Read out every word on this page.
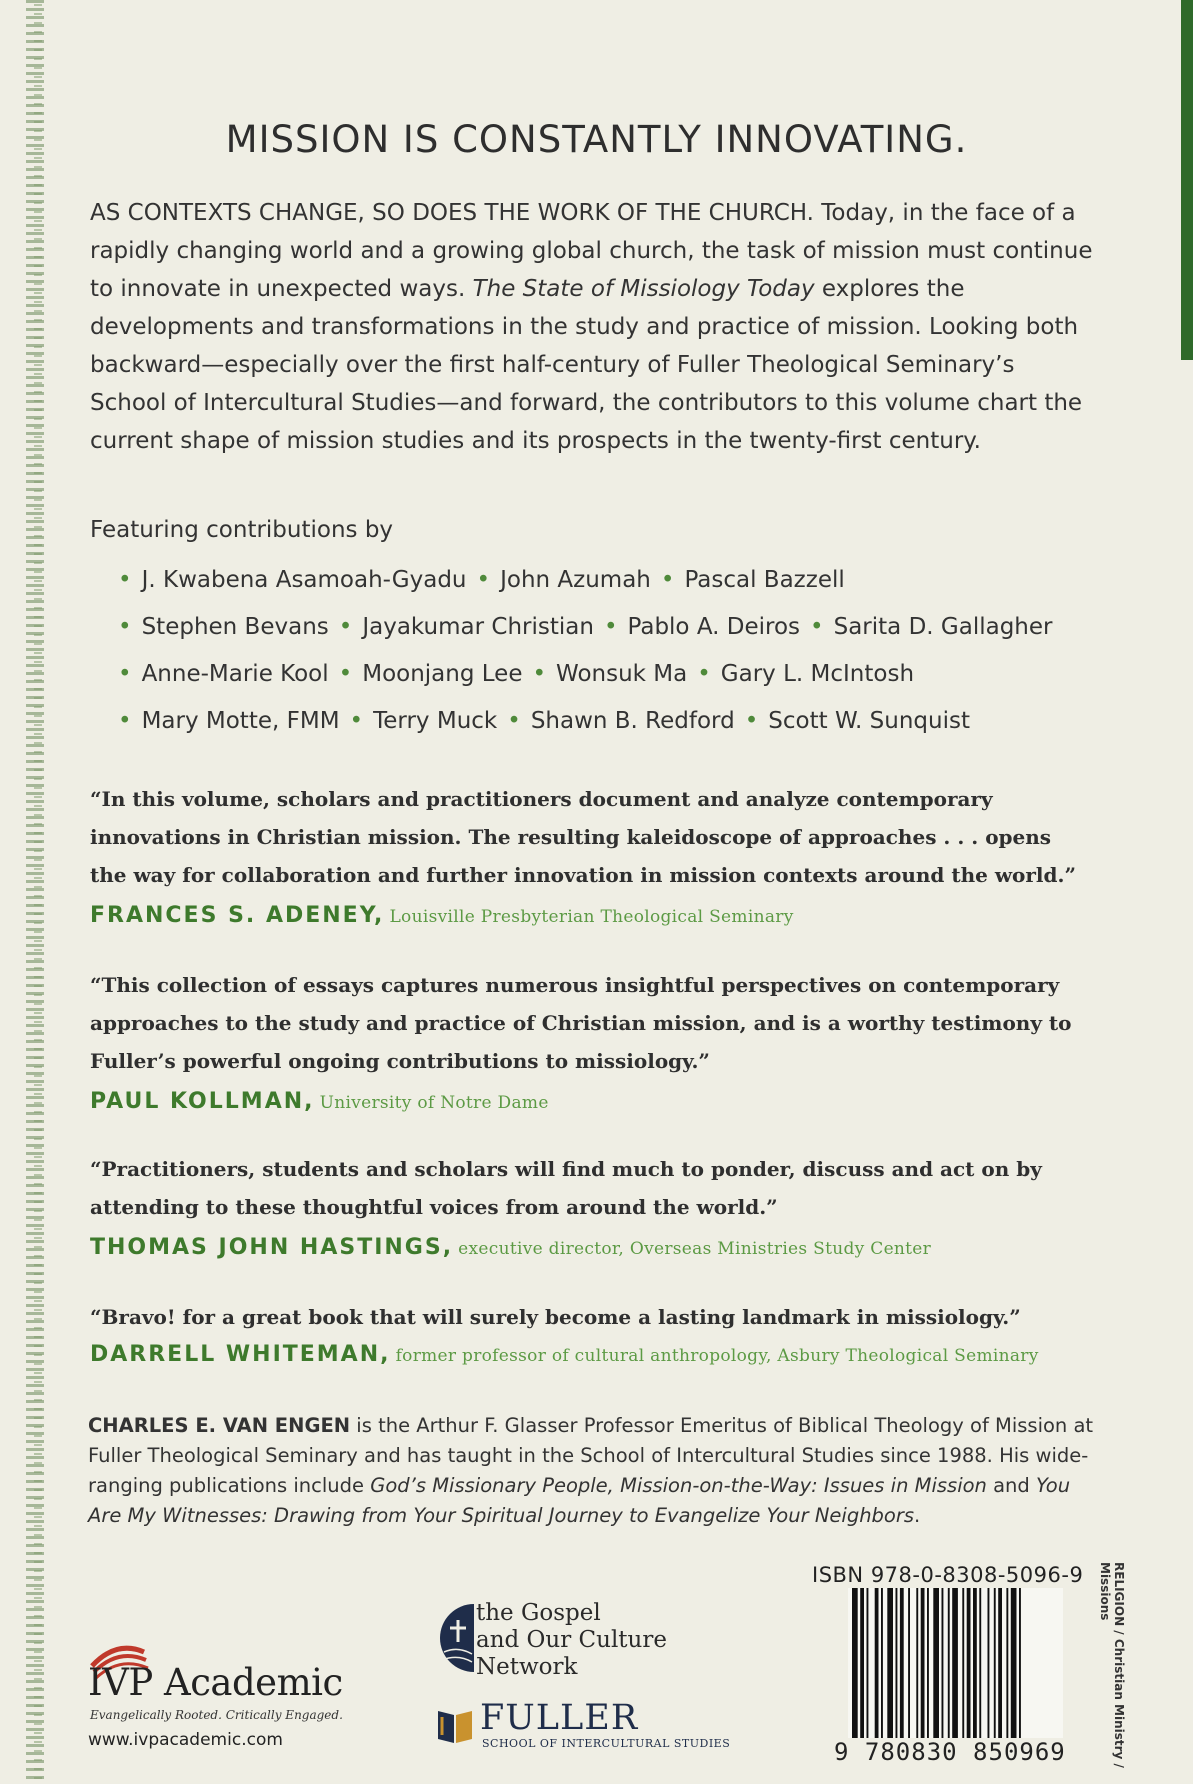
MISSION IS CONSTANTLY INNOVATING.
AS CONTEXTS CHANGE, SO DOES THE WORK OF THE CHURCH. Today, in the face of a rapidly changing world and a growing global church, the task of mission must continue to innovate in unexpected ways. The State of Missiology Today explores the developments and transformations in the study and practice of mission. Looking both backward—especially over the first half-century of Fuller Theological Seminary’s School of Intercultural Studies—and forward, the contributors to this volume chart the current shape of mission studies and its prospects in the twenty-first century.
Featuring contributions by
• J. Kwabena Asamoah-Gyadu • John Azumah • Pascal Bazzell
• Stephen Bevans • Jayakumar Christian • Pablo A. Deiros • Sarita D. Gallagher
• Anne-Marie Kool • Moonjang Lee • Wonsuk Ma • Gary L. McIntosh
• Mary Motte, FMM • Terry Muck • Shawn B. Redford • Scott W. Sunquist
“In this volume, scholars and practitioners document and analyze contemporary innovations in Christian mission. The resulting kaleidoscope of approaches . . . opens the way for collaboration and further innovation in mission contexts around the world.”
FRANCES S. ADENEY, Louisville Presbyterian Theological Seminary
“This collection of essays captures numerous insightful perspectives on contemporary approaches to the study and practice of Christian mission, and is a worthy testimony to Fuller’s powerful ongoing contributions to missiology.”
PAUL KOLLMAN, University of Notre Dame
“Practitioners, students and scholars will find much to ponder, discuss and act on by attending to these thoughtful voices from around the world.”
THOMAS JOHN HASTINGS, executive director, Overseas Ministries Study Center
“Bravo! for a great book that will surely become a lasting landmark in missiology.”
DARRELL WHITEMAN, former professor of cultural anthropology, Asbury Theological Seminary
CHARLES E. VAN ENGEN is the Arthur F. Glasser Professor Emeritus of Biblical Theology of Mission at Fuller Theological Seminary and has taught in the School of Intercultural Studies since 1988. His wide-ranging publications include God’s Missionary People, Mission-on-the-Way: Issues in Mission and You Are My Witnesses: Drawing from Your Spiritual Journey to Evangelize Your Neighbors.
ISBN 978-0-8308-5096-9
9 780830 850969	RELIGION / Christian Ministry / Missions
IVP Academic
Evangelically Rooted. Critically Engaged.
www.ivpacademic.com
the Gospel
and Our Culture
Network
FULLER
SCHOOL OF INTERCULTURAL STUDIES
